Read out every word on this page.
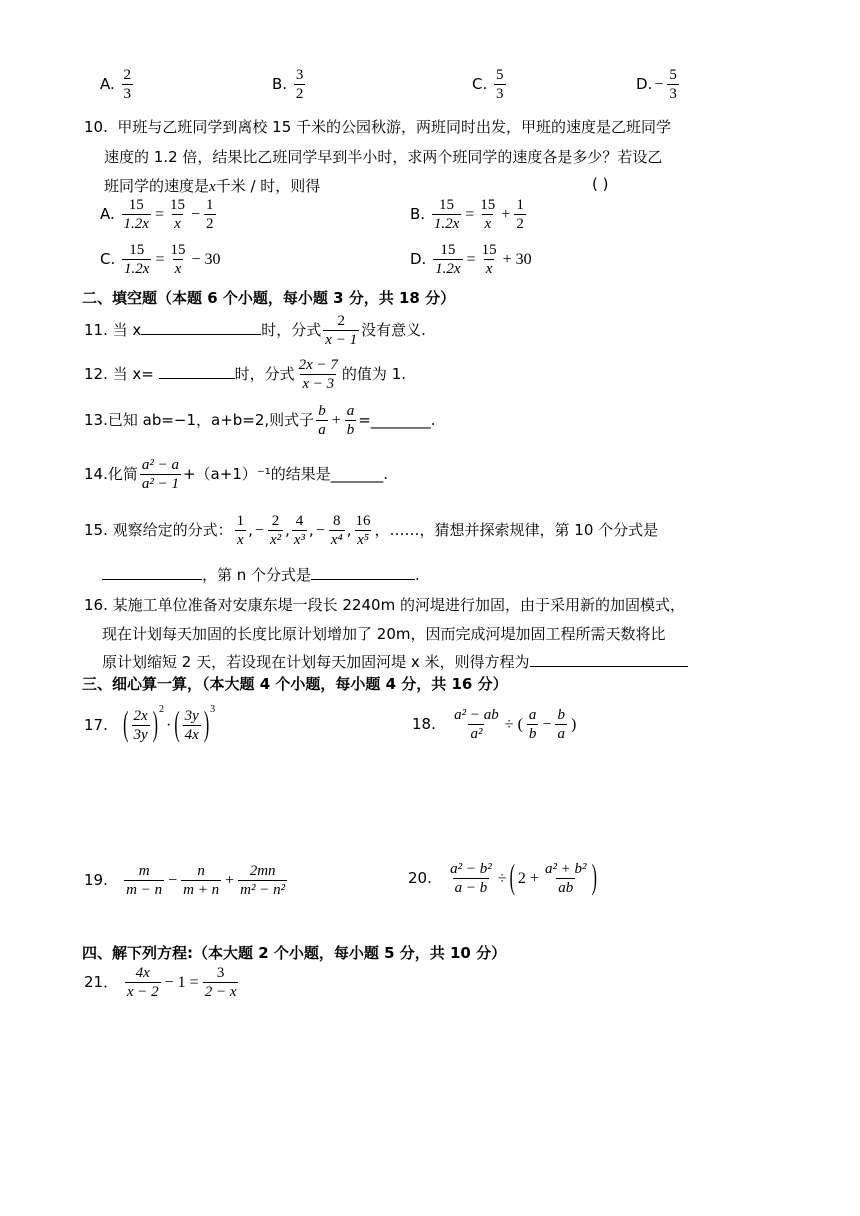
A. $\frac{2}{3}$	B. $\frac{3}{2}$	C. $\frac{5}{3}$	D. − $\frac{5}{3}$
10. 甲班与乙班同学到离校 15 千米的公园秋游，两班同时出发，甲班的速度是乙班同学
速度的 1.2 倍，结果比乙班同学早到半小时，求两个班同学的速度各是多少？若设乙
班同学的速度是x千米 / 时，则得	( )
A. $\frac{15}{1.2x} = \frac{15}{x} - \frac{1}{2}$	B. $\frac{15}{1.2x} = \frac{15}{x} + \frac{1}{2}$
C. $\frac{15}{1.2x} = \frac{15}{x} - 30$	D. $\frac{15}{1.2x} = \frac{15}{x} + 30$
二、填空题（本题 6 个小题，每小题 3 分，共 18 分）
11. 当 x	时，分式 $\frac{2}{x - 1}$ 没有意义.
12. 当 x=	时，分式 $\frac{2x - 7}{x - 3}$ 的值为 1.
13.已知 ab=−1，a+b=2,则式子 $\frac{b}{a} + \frac{a}{b}$ =________.
14.化简 $\frac{\text{a² − a}}{\text{a² − 1}} +(a+1)^{-1}$的结果是_______.
15. 观察给定的分式： $\frac{1}{x}$ , − $\frac{2}{\text{x²}}$ , $\frac{4}{\text{x³}}$ , − $\frac{8}{\text{x⁴}}$ , $\frac{16}{\text{x⁵}}$ ，……，猜想并探索规律，第 10 个分式是
，第 n 个分式是	.
16. 某施工单位准备对安康东堤一段长 2240m 的河堤进行加固，由于采用新的加固模式，
现在计划每天加固的长度比原计划增加了 20m，因而完成河堤加固工程所需天数将比
原计划缩短 2 天，若设现在计划每天加固河堤 x 米，则得方程为
三、细心算一算，（本大题 4 个小题，每小题 4 分，共 16 分）
17. ( $\frac{2x}{3y} )^2\cdot$ ( $\frac{3y}{4x} )^3$
18. $\frac{\text{a² − ab}}{\text{a²}}$ ÷ ( $\frac{a}{b} - \frac{b}{a}$ )
19. $\frac{m}{m - n} - \frac{n}{m + n} + \frac{2mn}{\text{m² − n²}}$	20. $\frac{\text{a² − b²}}{a - b}$ ÷ ( $2 + \frac{\text{a² + b²}}{ab}$ )
四、解下列方程:（本大题 2 个小题，每小题 5 分，共 10 分）
21． $\frac{4x}{x - 2} - 1 = \frac{3}{2 - x}$
